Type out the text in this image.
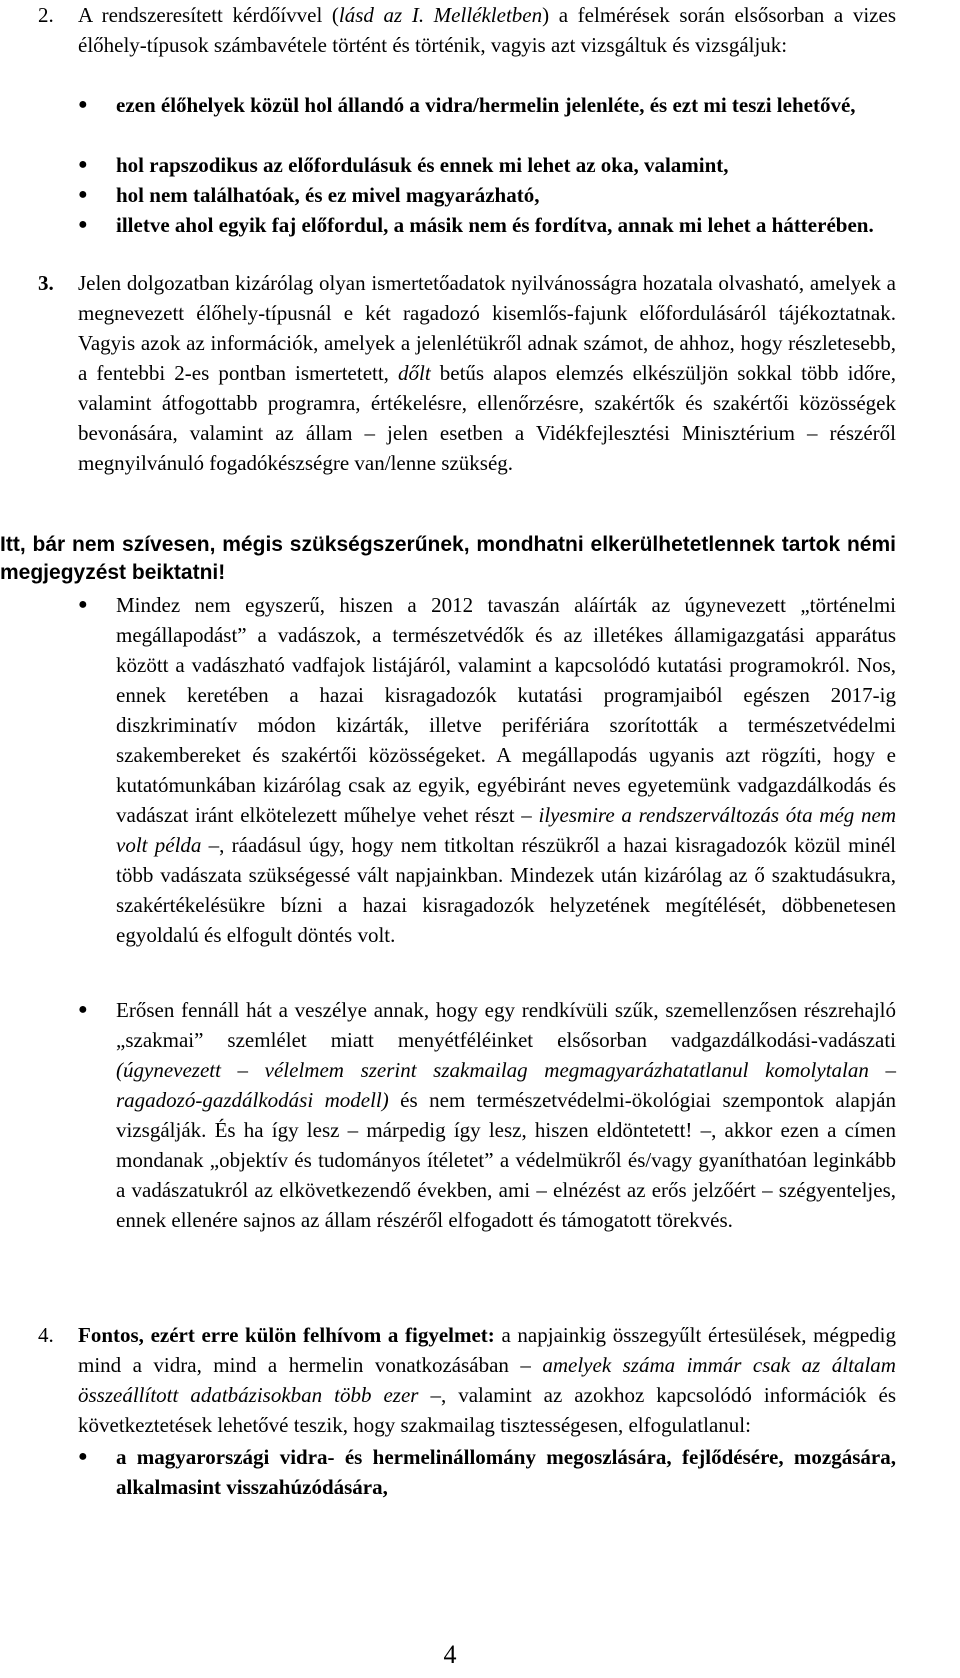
2.	A rendszeresített kérdőívvel (lásd az I. Mellékletben) a felmérések során elsősorban a vizes élőhely-típusok számbavétele történt és történik, vagyis azt vizsgáltuk és vizsgáljuk:
● ezen élőhelyek közül hol állandó a vidra/hermelin jelenléte, és ezt mi teszi lehetővé,
● hol rapszodikus az előfordulásuk és ennek mi lehet az oka, valamint,
● hol nem találhatóak, és ez mivel magyarázható,
● illetve ahol egyik faj előfordul, a másik nem és fordítva, annak mi lehet a hátterében.
3.	Jelen dolgozatban kizárólag olyan ismertetőadatok nyilvánosságra hozatala olvasható, amelyek a megnevezett élőhely-típusnál e két ragadozó kisemlős-fajunk előfordulásáról tájékoztatnak. Vagyis azok az információk, amelyek a jelenlétükről adnak számot, de ahhoz, hogy részletesebb, a fentebbi 2-es pontban ismertetett, dőlt betűs alapos elemzés elkészüljön sokkal több időre, valamint átfogottabb programra, értékelésre, ellenőrzésre, szakértők és szakértői közösségek bevonására, valamint az állam – jelen esetben a Vidékfejlesztési Minisztérium – részéről megnyilvánuló fogadókészségre van/lenne szükség.
Itt, bár nem szívesen, mégis szükségszerűnek, mondhatni elkerülhetetlennek tartok némi megjegyzést beiktatni!
● Mindez nem egyszerű, hiszen a 2012 tavaszán aláírták az úgynevezett „történelmi megállapodást” a vadászok, a természetvédők és az illetékes államigazgatási apparátus között a vadászható vadfajok listájáról, valamint a kapcsolódó kutatási programokról. Nos, ennek keretében a hazai kisragadozók kutatási programjaiból egészen 2017-ig diszkriminatív módon kizárták, illetve perifériára szorították a természetvédelmi szakembereket és szakértői közösségeket. A megállapodás ugyanis azt rögzíti, hogy e kutatómunkában kizárólag csak az egyik, egyébiránt neves egyetemünk vadgazdálkodás és vadászat iránt elkötelezett műhelye vehet részt – ilyesmire a rendszerváltozás óta még nem volt példa –, ráadásul úgy, hogy nem titkoltan részükről a hazai kisragadozók közül minél több vadászata szükségessé vált napjainkban. Mindezek után kizárólag az ő szaktudásukra, szakértékelésükre bízni a hazai kisragadozók helyzetének megítélését, döbbenetesen egyoldalú és elfogult döntés volt.
● Erősen fennáll hát a veszélye annak, hogy egy rendkívüli szűk, szemellenzősen részrehajló „szakmai” szemlélet miatt menyétféléinket elsősorban vadgazdálkodási-vadászati (úgynevezett – vélelmem szerint szakmailag megmagyarázhatatlanul komolytalan – ragadozó-gazdálkodási modell) és nem természetvédelmi-ökológiai szempontok alapján vizsgálják. És ha így lesz – márpedig így lesz, hiszen eldöntetett! –, akkor ezen a címen mondanak „objektív és tudományos ítéletet” a védelmükről és/vagy gyaníthatóan leginkább a vadászatukról az elkövetkezendő években, ami – elnézést az erős jelzőért – szégyenteljes, ennek ellenére sajnos az állam részéről elfogadott és támogatott törekvés.
4.	Fontos, ezért erre külön felhívom a figyelmet: a napjainkig összegyűlt értesülések, mégpedig mind a vidra, mind a hermelin vonatkozásában – amelyek száma immár csak az általam összeállított adatbázisokban több ezer –, valamint az azokhoz kapcsolódó információk és következtetések lehetővé teszik, hogy szakmailag tisztességesen, elfogulatlanul:
● a magyarországi vidra- és hermelinállomány megoszlására, fejlődésére, mozgására, alkalmasint visszahúzódására,
4
